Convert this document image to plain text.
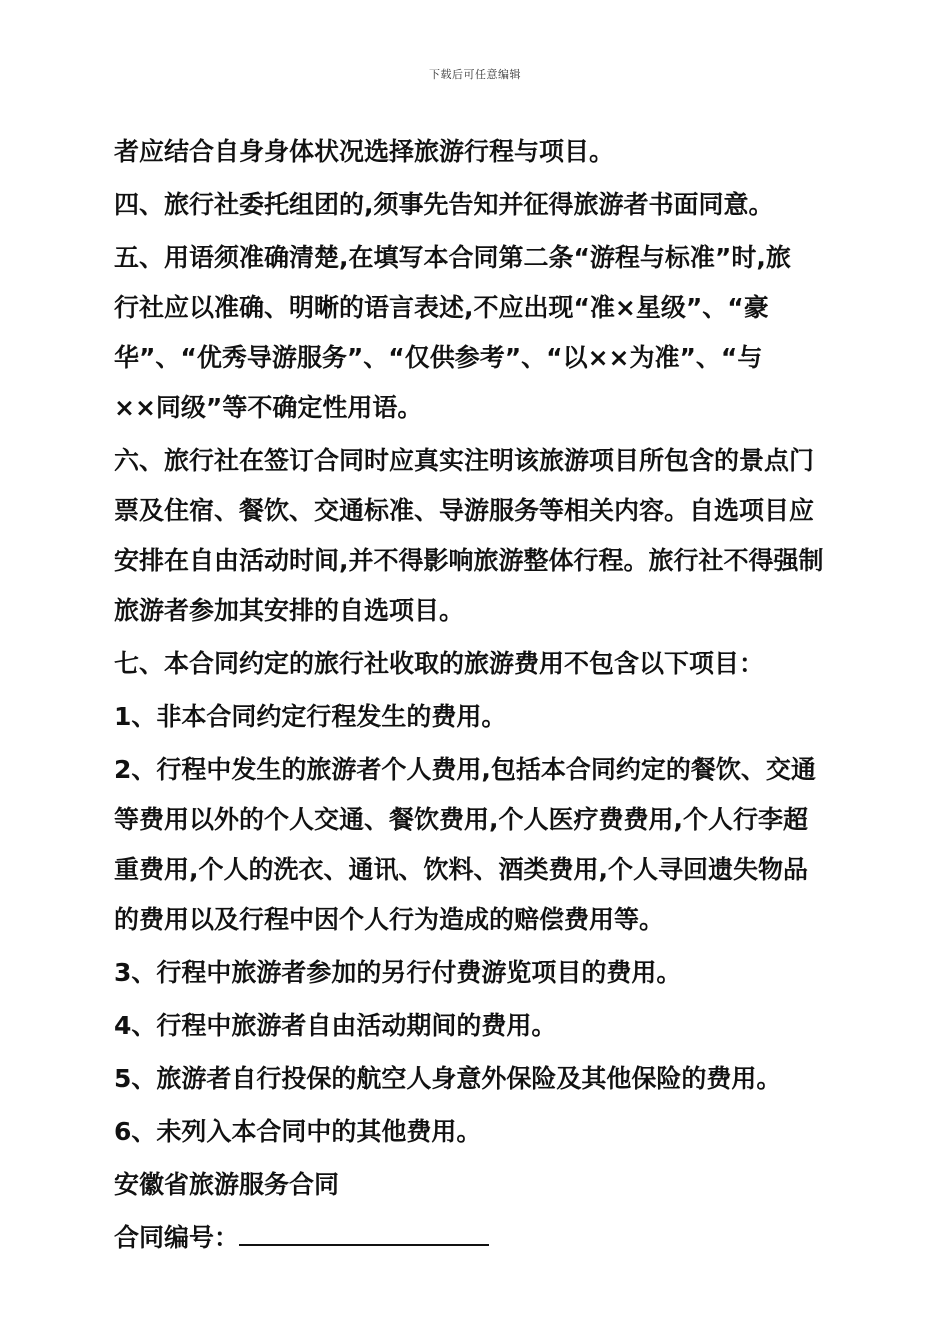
下载后可任意编辑

者应结合自身身体状况选择旅游行程与项目。

四、旅行社委托组团的,须事先告知并征得旅游者书面同意。

五、用语须准确清楚,在填写本合同第二条“游程与标准”时,旅
行社应以准确、明晰的语言表述,不应出现“准×星级”、“豪
华”、“优秀导游服务”、“仅供参考”、“以××为准”、“与
××同级”等不确定性用语。

六、旅行社在签订合同时应真实注明该旅游项目所包含的景点门
票及住宿、餐饮、交通标准、导游服务等相关内容。自选项目应
安排在自由活动时间,并不得影响旅游整体行程。旅行社不得强制
旅游者参加其安排的自选项目。

七、本合同约定的旅行社收取的旅游费用不包含以下项目：

1、非本合同约定行程发生的费用。

2、行程中发生的旅游者个人费用,包括本合同约定的餐饮、交通
等费用以外的个人交通、餐饮费用,个人医疗费费用,个人行李超
重费用,个人的洗衣、通讯、饮料、酒类费用,个人寻回遗失物品
的费用以及行程中因个人行为造成的赔偿费用等。

3、行程中旅游者参加的另行付费游览项目的费用。

4、行程中旅游者自由活动期间的费用。

5、旅游者自行投保的航空人身意外保险及其他保险的费用。

6、未列入本合同中的其他费用。

安徽省旅游服务合同

合同编号：
